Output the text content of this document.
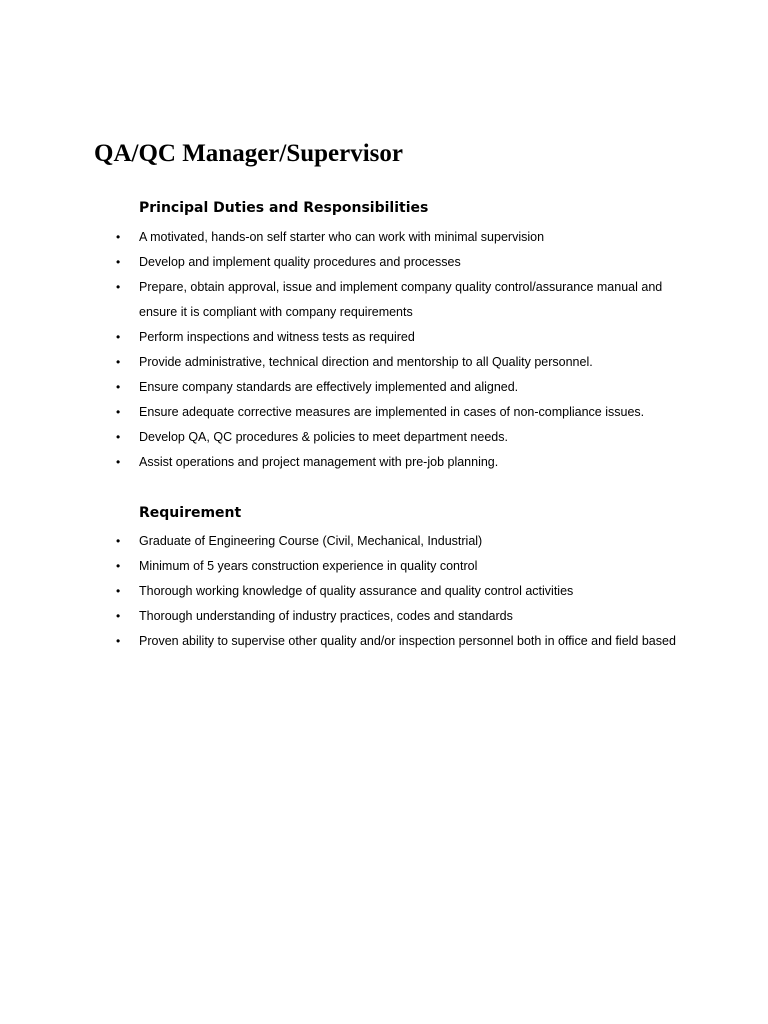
QA/QC Manager/Supervisor
Principal Duties and Responsibilities
•	A motivated, hands-on self starter who can work with minimal supervision
•	Develop and implement quality procedures and processes
•	Prepare, obtain approval, issue and implement company quality control/assurance manual and ensure it is compliant with company requirements
•	Perform inspections and witness tests as required
•	Provide administrative, technical direction and mentorship to all Quality personnel.
•	Ensure company standards are effectively implemented and aligned.
•	Ensure adequate corrective measures are implemented in cases of non-compliance issues.
•	Develop QA, QC procedures & policies to meet department needs.
•	Assist operations and project management with pre-job planning.
Requirement
•	Graduate of Engineering Course (Civil, Mechanical, Industrial)
•	Minimum of 5 years construction experience in quality control
•	Thorough working knowledge of quality assurance and quality control activities
•	Thorough understanding of industry practices, codes and standards
•	Proven ability to supervise other quality and/or inspection personnel both in office and field based
